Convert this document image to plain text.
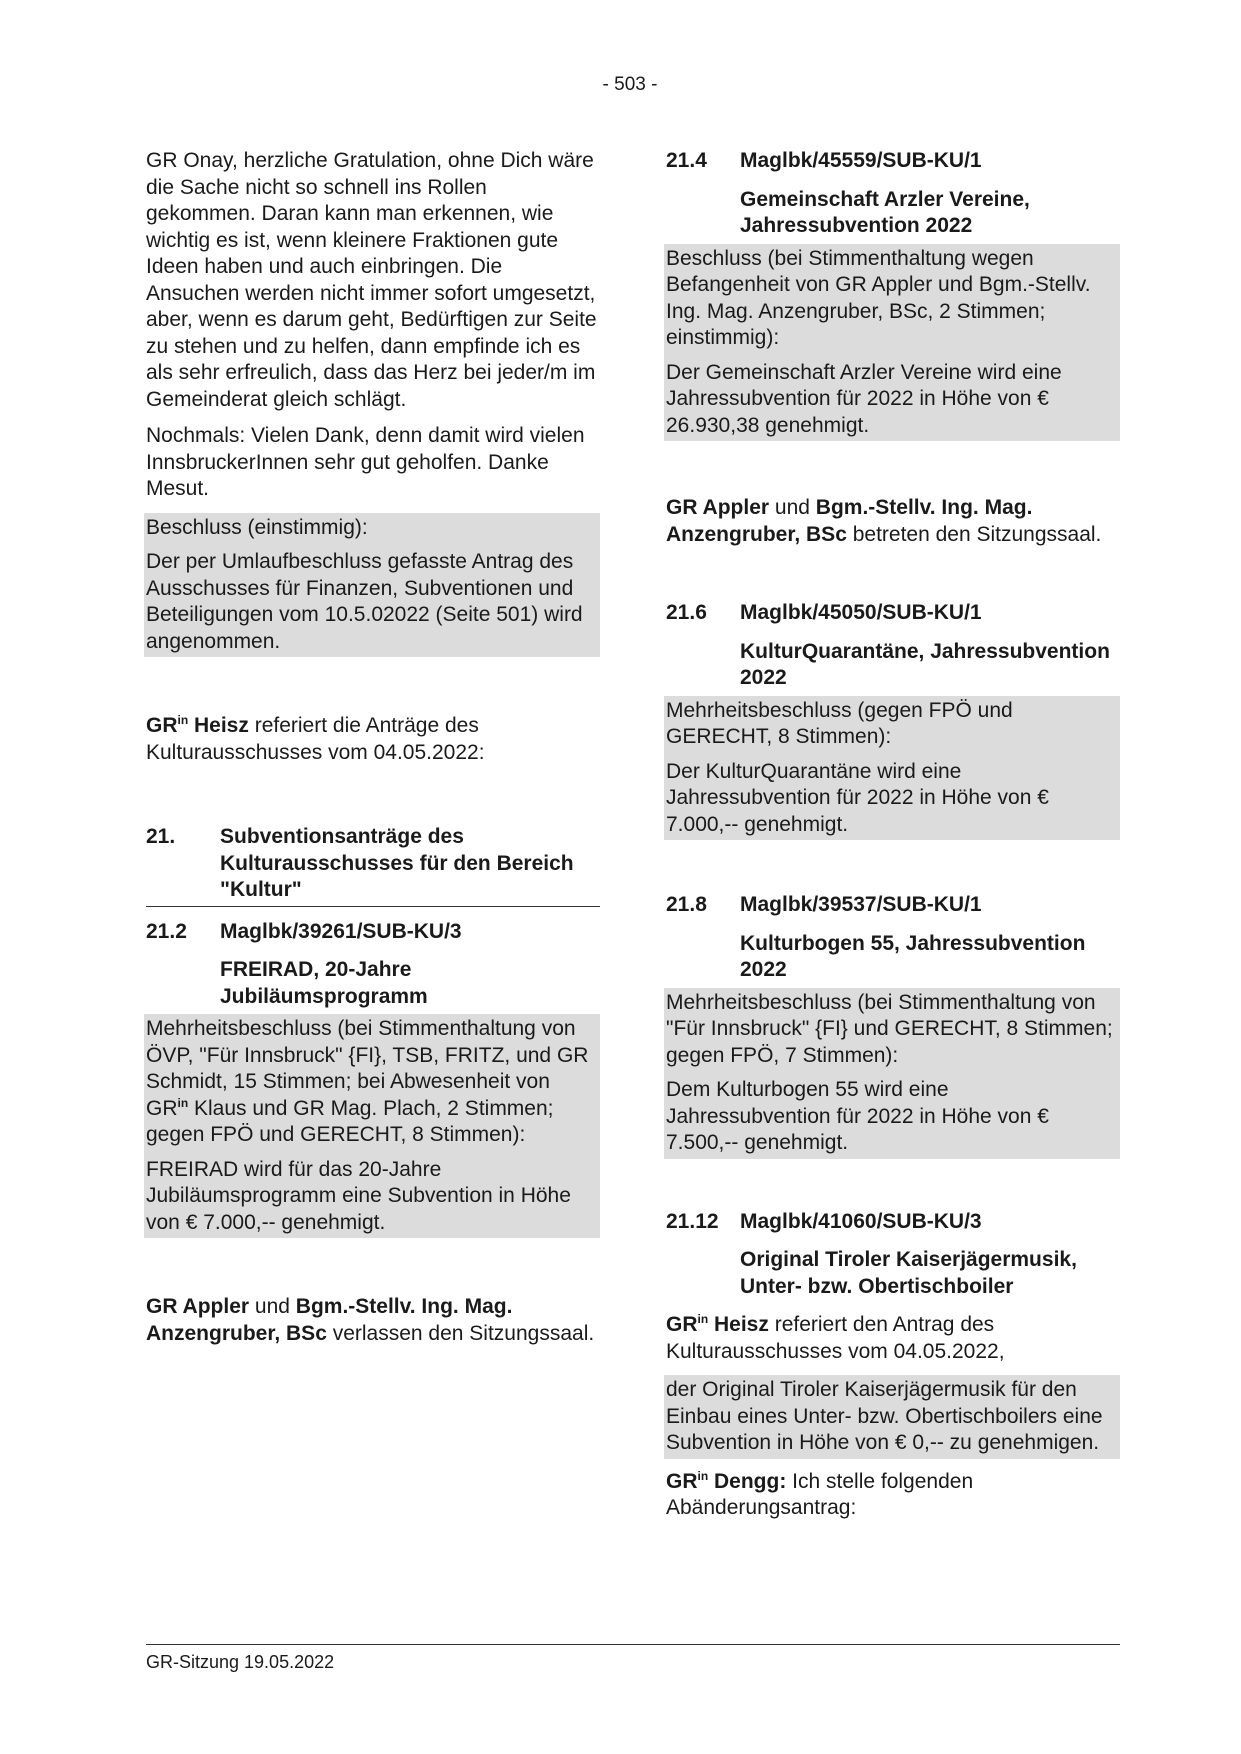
- 503 -

GR Onay, herzliche Gratulation, ohne Dich wäre die Sache nicht so schnell ins Rollen gekommen. Daran kann man erkennen, wie wichtig es ist, wenn kleinere Fraktionen gute Ideen haben und auch einbringen. Die Ansuchen werden nicht immer sofort umgesetzt, aber, wenn es darum geht, Bedürftigen zur Seite zu stehen und zu helfen, dann empfinde ich es als sehr erfreulich, dass das Herz bei jeder/m im Gemeinderat gleich schlägt.

Nochmals: Vielen Dank, denn damit wird vielen InnsbruckerInnen sehr gut geholfen. Danke Mesut.

Beschluss (einstimmig):

Der per Umlaufbeschluss gefasste Antrag des Ausschusses für Finanzen, Subventionen und Beteiligungen vom 10.5.02022 (Seite 501) wird angenommen.

$GR^{in}$ Heisz referiert die Anträge des Kulturausschusses vom 04.05.2022:

21.	Subventionsanträge des Kulturausschusses für den Bereich "Kultur"
21.2	Maglbk/39261/SUB-KU/3
FREIRAD, 20-Jahre Jubiläumsprogramm

Mehrheitsbeschluss (bei Stimmenthaltung von ÖVP, "Für Innsbruck" {FI}, TSB, FRITZ, und GR Schmidt, 15 Stimmen; bei Abwesenheit von $GR^{in}$ Klaus und GR Mag. Plach, 2 Stimmen; gegen FPÖ und GERECHT, 8 Stimmen):

FREIRAD wird für das 20-Jahre Jubiläumsprogramm eine Subvention in Höhe von € 7.000,-- genehmigt.

GR Appler und Bgm.-Stellv. Ing. Mag. Anzengruber, BSc verlassen den Sitzungssaal.

21.4	Maglbk/45559/SUB-KU/1
Gemeinschaft Arzler Vereine, Jahressubvention 2022

Beschluss (bei Stimmenthaltung wegen Befangenheit von GR Appler und Bgm.-Stellv. Ing. Mag. Anzengruber, BSc, 2 Stimmen; einstimmig):

Der Gemeinschaft Arzler Vereine wird eine Jahressubvention für 2022 in Höhe von € 26.930,38 genehmigt.

GR Appler und Bgm.-Stellv. Ing. Mag. Anzengruber, BSc betreten den Sitzungssaal.

21.6	Maglbk/45050/SUB-KU/1
KulturQuarantäne, Jahressubvention 2022

Mehrheitsbeschluss (gegen FPÖ und GERECHT, 8 Stimmen):

Der KulturQuarantäne wird eine Jahressubvention für 2022 in Höhe von € 7.000,-- genehmigt.

21.8	Maglbk/39537/SUB-KU/1
Kulturbogen 55, Jahressubvention 2022

Mehrheitsbeschluss (bei Stimmenthaltung von "Für Innsbruck" {FI} und GERECHT, 8 Stimmen; gegen FPÖ, 7 Stimmen):

Dem Kulturbogen 55 wird eine Jahressubvention für 2022 in Höhe von € 7.500,-- genehmigt.

21.12	Maglbk/41060/SUB-KU/3
Original Tiroler Kaiserjägermusik, Unter- bzw. Obertischboiler

$GR^{in}$ Heisz referiert den Antrag des Kulturausschusses vom 04.05.2022,

der Original Tiroler Kaiserjägermusik für den Einbau eines Unter- bzw. Obertischboilers eine Subvention in Höhe von € 0,-- zu genehmigen.

$GR^{in}$ Dengg: Ich stelle folgenden Abänderungsantrag:

GR-Sitzung 19.05.2022
